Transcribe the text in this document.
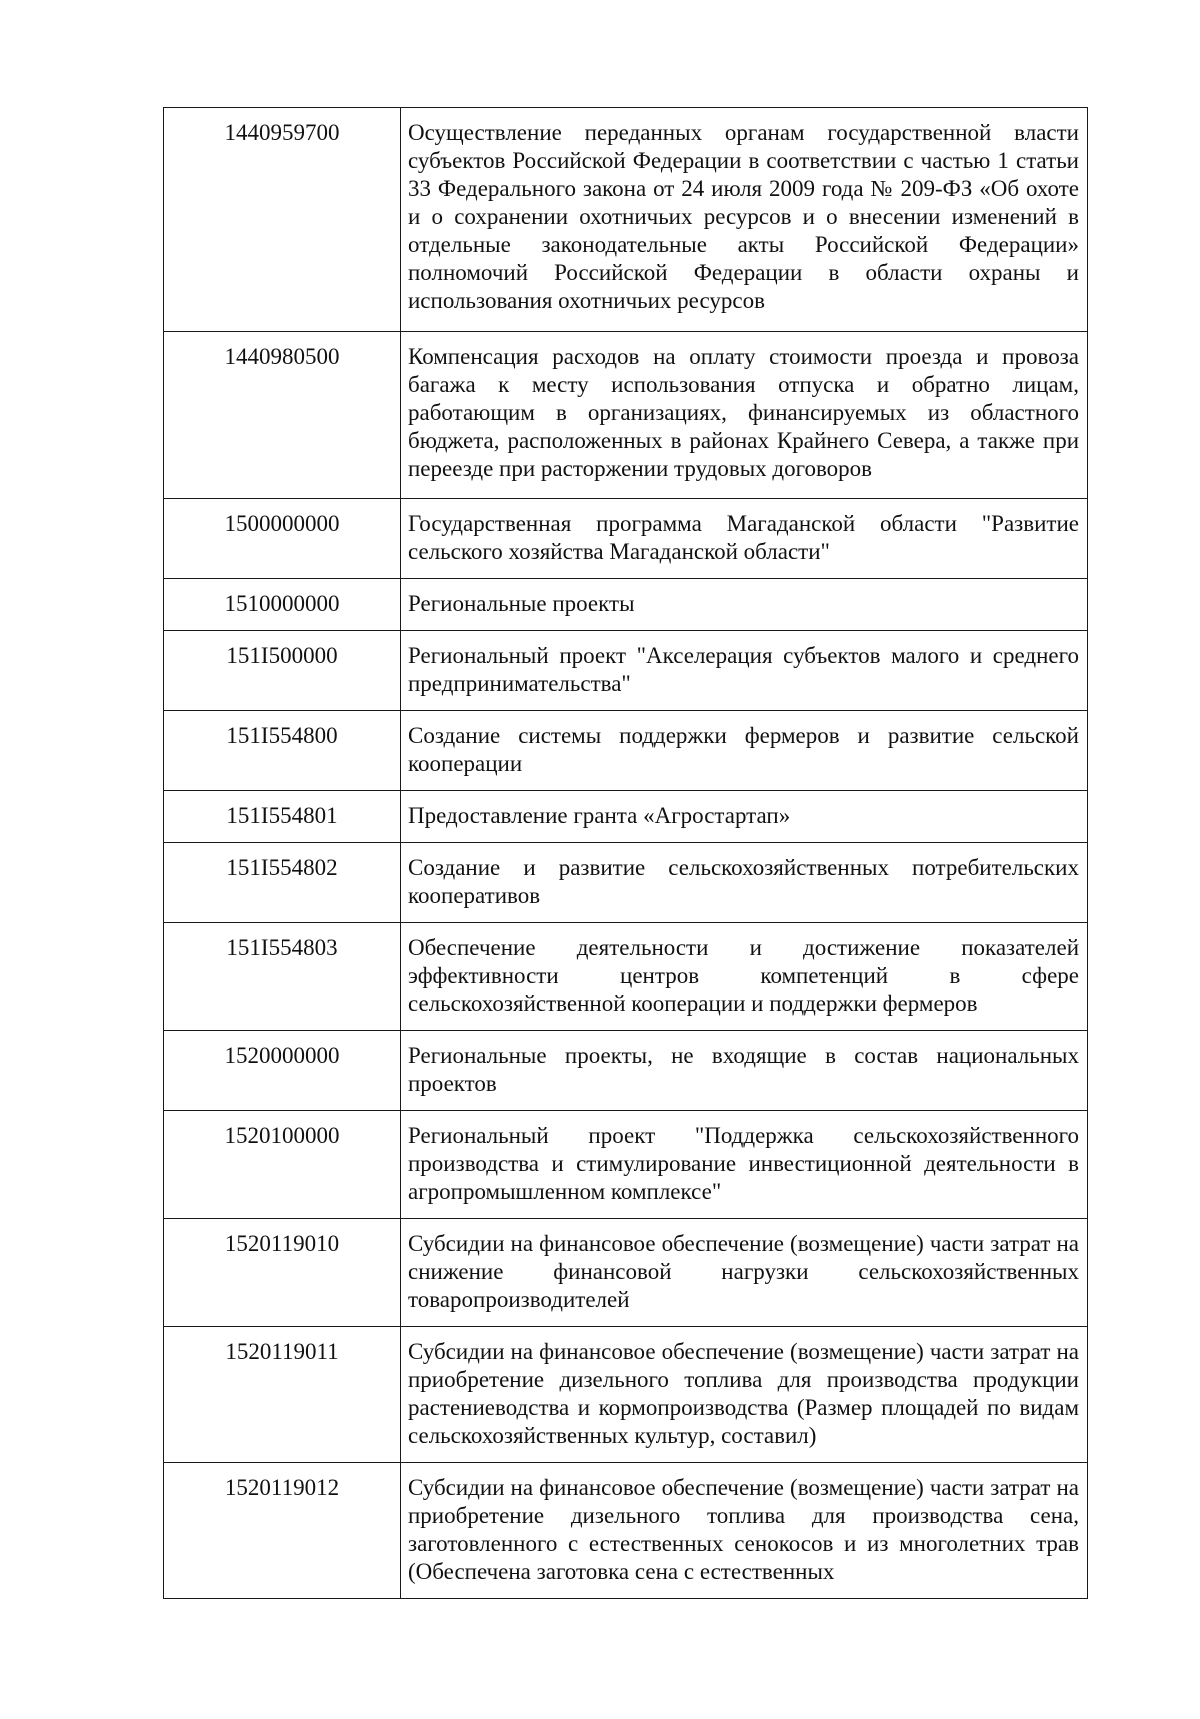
1440959700	Осуществление переданных органам государственной власти субъектов Российской Федерации в соответствии с частью 1 статьи 33 Федерального закона от 24 июля 2009 года № 209-ФЗ «Об охоте и о сохранении охотничьих ресурсов и о внесении изменений в отдельные законодательные акты Российской Федерации» полномочий Российской Федерации в области охраны и использования охотничьих ресурсов
1440980500	Компенсация расходов на оплату стоимости проезда и провоза багажа к месту использования отпуска и обратно лицам, работающим в организациях, финансируемых из областного бюджета, расположенных в районах Крайнего Севера, а также при переезде при расторжении трудовых договоров
1500000000	Государственная программа Магаданской области "Развитие сельского хозяйства Магаданской области"
1510000000	Региональные проекты
151I500000	Региональный проект "Акселерация субъектов малого и среднего предпринимательства"
151I554800	Создание системы поддержки фермеров и развитие сельской кооперации
151I554801	Предоставление гранта «Агростартап»
151I554802	Создание и развитие сельскохозяйственных потребительских кооперативов
151I554803	Обеспечение деятельности и достижение показателей эффективности центров компетенций в сфере сельскохозяйственной кооперации и поддержки фермеров
1520000000	Региональные проекты, не входящие в состав национальных проектов
1520100000	Региональный проект "Поддержка сельскохозяйственного производства и стимулирование инвестиционной деятельности в агропромышленном комплексе"
1520119010	Субсидии на финансовое обеспечение (возмещение) части затрат на снижение финансовой нагрузки сельскохозяйственных товаропроизводителей
1520119011	Субсидии на финансовое обеспечение (возмещение) части затрат на приобретение дизельного топлива для производства продукции растениеводства и кормопроизводства (Размер площадей по видам сельскохозяйственных культур, составил)
1520119012	Субсидии на финансовое обеспечение (возмещение) части затрат на приобретение дизельного топлива для производства сена, заготовленного с естественных сенокосов и из многолетних трав (Обеспечена заготовка сена с естественных
